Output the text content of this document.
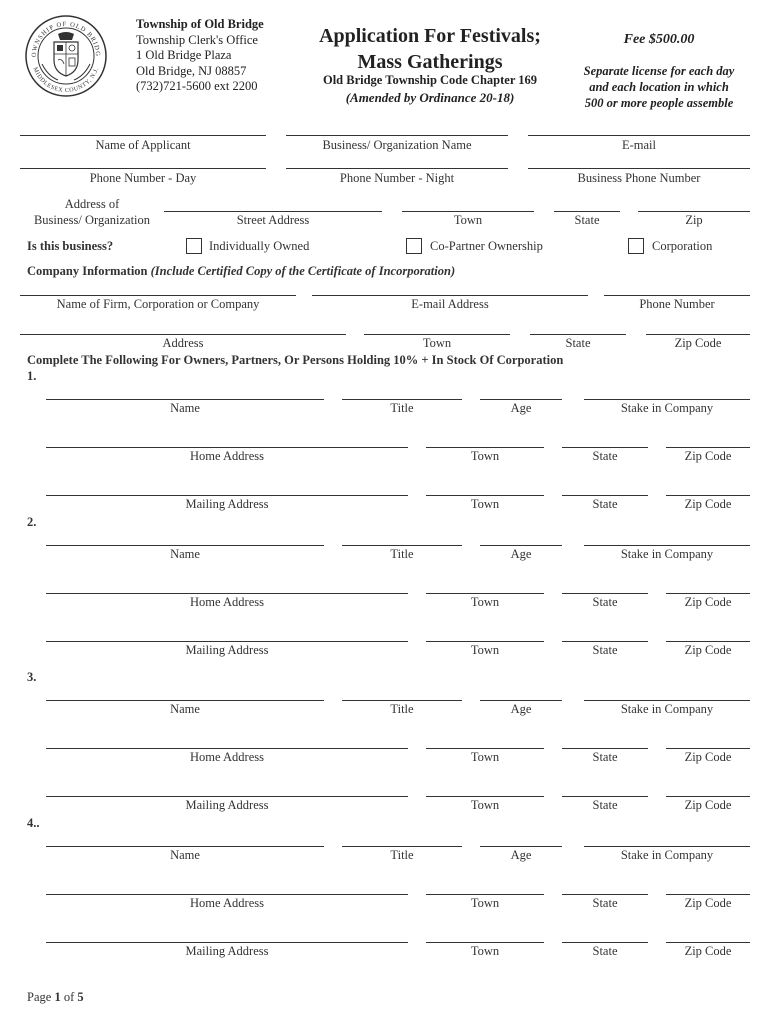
OWNSHIP OF OLD BRIDG
MIDDLESEX COUNTY, N.J.
Township of Old Bridge
Township Clerk's Office
1 Old Bridge Plaza
Old Bridge, NJ 08857
(732)721-5600 ext 2200
Application For Festivals;
Mass Gatherings
Old Bridge Township Code Chapter 169
(Amended by Ordinance 20-18)
Fee $500.00
Separate license for each day
and each location in which
500 or more people assemble
Name of Applicant	Business/ Organization Name	E-mail
Phone Number - Day	Phone Number - Night	Business Phone Number
Address of
Business/ Organization	Street Address	Town	State	Zip
Is this business?	Individually Owned	Co-Partner Ownership	Corporation
Company Information (Include Certified Copy of the Certificate of Incorporation)
Name of Firm, Corporation or Company	E-mail Address	Phone Number
Address	Town	State	Zip Code
Complete The Following For Owners, Partners, Or Persons Holding 10% + In Stock Of Corporation
1.
Name	Title	Age	Stake in Company
Home Address	Town	State	Zip Code
Mailing Address	Town	State	Zip Code
2.
Name	Title	Age	Stake in Company
Home Address	Town	State	Zip Code
Mailing Address	Town	State	Zip Code
3.
Name	Title	Age	Stake in Company
Home Address	Town	State	Zip Code
Mailing Address	Town	State	Zip Code
4..
Name	Title	Age	Stake in Company
Home Address	Town	State	Zip Code
Mailing Address	Town	State	Zip Code
Page 1 of 5
